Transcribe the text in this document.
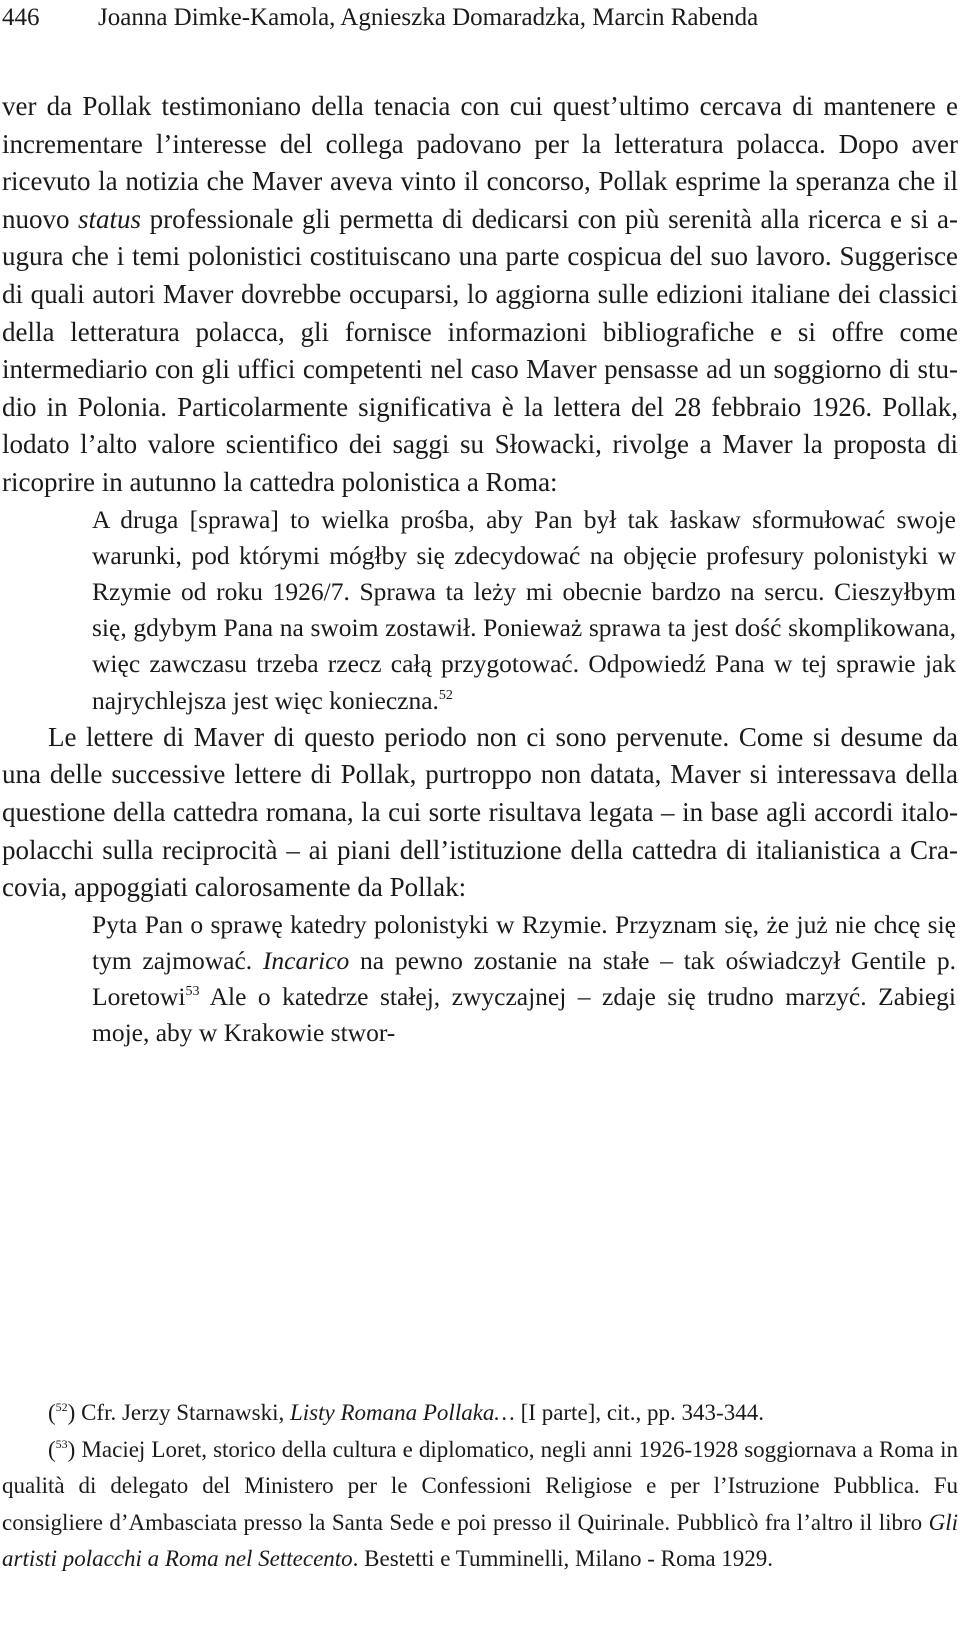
446 Joanna Dimke-Kamola, Agnieszka Domaradzka, Marcin Rabenda

ver da Pollak testimoniano della tenacia con cui quest’ultimo cercava di mantenere e incrementare l’interesse del collega padovano per la letteratura polacca. Dopo aver ricevuto la notizia che Maver aveva vinto il concorso, Pollak esprime la speranza che il nuovo status professionale gli permetta di dedicarsi con più serenità alla ricerca e si augura che i temi polonistici costituiscano una parte cospicua del suo lavoro. Suggerisce di quali autori Maver dovrebbe occuparsi, lo aggiorna sulle edizioni italiane dei classici della letteratura polacca, gli fornisce informazioni bibliografiche e si offre come intermediario con gli uffici competenti nel caso Maver pensasse ad un soggiorno di studio in Polonia. Particolarmente significativa è la lettera del 28 febbraio 1926. Pollak, lodato l’alto valore scientifico dei saggi su Słowacki, rivolge a Maver la proposta di ricoprire in autunno la cattedra polonistica a Roma:

A druga [sprawa] to wielka prośba, aby Pan był tak łaskaw sformułować swoje warunki, pod którymi mógłby się zdecydować na objęcie profesury polonistyki w Rzymie od roku 1926/7. Sprawa ta leży mi obecnie bardzo na sercu. Cieszyłbym się, gdybym Pana na swoim zostawił. Ponieważ sprawa ta jest dość skomplikowana, więc zawczasu trzeba rzecz całą przygotować. Odpowiedź Pana w tej sprawie jak najrychlejsza jest więc konieczna.$^{52}$

Le lettere di Maver di questo periodo non ci sono pervenute. Come si desume da una delle successive lettere di Pollak, purtroppo non datata, Maver si interessava della questione della cattedra romana, la cui sorte risultava legata – in base agli accordi italo-polacchi sulla reciprocità – ai piani dell’istituzione della cattedra di italianistica a Cracovia, appoggiati calorosamente da Pollak:

Pyta Pan o sprawę katedry polonistyki w Rzymie. Przyznam się, że już nie chcę się tym zajmować. Incarico na pewno zostanie na stałe – tak oświadczył Gentile p. Loretowi$^{53}$ Ale o katedrze stałej, zwyczajnej – zdaje się trudno marzyć. Zabiegi moje, aby w Krakowie stwor-

($^{52}$) Cfr. Jerzy Starnawski, Listy Romana Pollaka… [I parte], cit., pp. 343-344.

($^{53}$) Maciej Loret, storico della cultura e diplomatico, negli anni 1926-1928 soggiornava a Roma in qualità di delegato del Ministero per le Confessioni Religiose e per l’Istruzione Pubblica. Fu consigliere d’Ambasciata presso la Santa Sede e poi presso il Quirinale. Pubblicò fra l’altro il libro Gli artisti polacchi a Roma nel Settecento. Bestetti e Tumminelli, Milano - Roma 1929.
